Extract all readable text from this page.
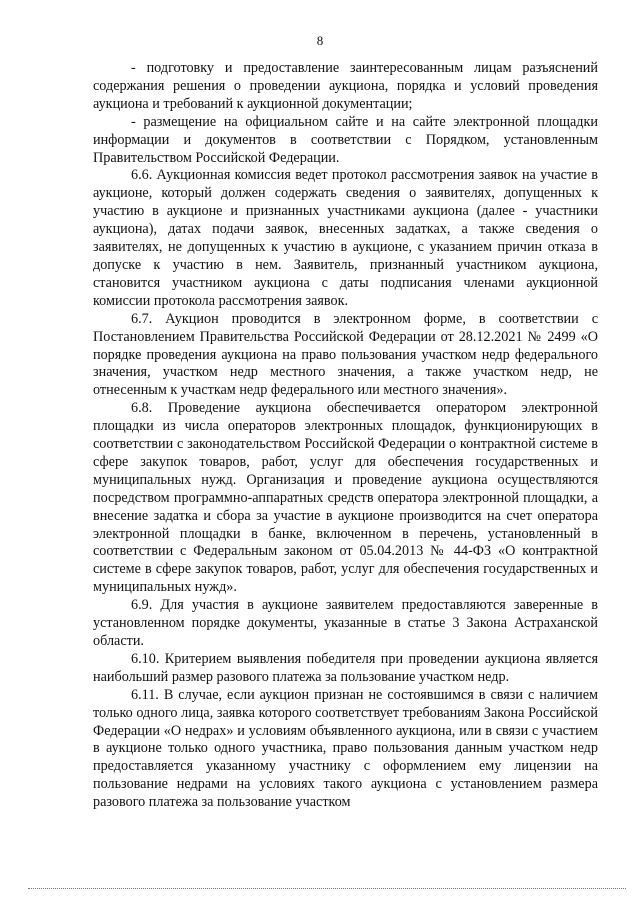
8

- подготовку и предоставление заинтересованным лицам разъяснений содержания решения о проведении аукциона, порядка и условий проведения аукциона и требований к аукционной документации;

- размещение на официальном сайте и на сайте электронной площадки информации и документов в соответствии с Порядком, установленным Правительством Российской Федерации.

6.6. Аукционная комиссия ведет протокол рассмотрения заявок на участие в аукционе, который должен содержать сведения о заявителях, допущенных к участию в аукционе и признанных участниками аукциона (далее - участники аукциона), датах подачи заявок, внесенных задатках, а также сведения о заявителях, не допущенных к участию в аукционе, с указанием причин отказа в допуске к участию в нем. Заявитель, признанный участником аукциона, становится участником аукциона с даты подписания членами аукционной комиссии протокола рассмотрения заявок.

6.7. Аукцион проводится в электронном форме, в соответствии с Постановлением Правительства Российской Федерации от 28.12.2021 № 2499 «О порядке проведения аукциона на право пользования участком недр федерального значения, участком недр местного значения, а также участком недр, не отнесенным к участкам недр федерального или местного значения».

6.8. Проведение аукциона обеспечивается оператором электронной площадки из числа операторов электронных площадок, функционирующих в соответствии с законодательством Российской Федерации о контрактной системе в сфере закупок товаров, работ, услуг для обеспечения государственных и муниципальных нужд. Организация и проведение аукциона осуществляются посредством программно-аппаратных средств оператора электронной площадки, а внесение задатка и сбора за участие в аукционе производится на счет оператора электронной площадки в банке, включенном в перечень, установленный в соответствии с Федеральным законом от 05.04.2013 № 44-ФЗ «О контрактной системе в сфере закупок товаров, работ, услуг для обеспечения государственных и муниципальных нужд».

6.9. Для участия в аукционе заявителем предоставляются заверенные в установленном порядке документы, указанные в статье 3 Закона Астраханской области.

6.10. Критерием выявления победителя при проведении аукциона является наибольший размер разового платежа за пользование участком недр.

6.11. В случае, если аукцион признан не состоявшимся в связи с наличием только одного лица, заявка которого соответствует требованиям Закона Российской Федерации «О недрах» и условиям объявленного аукциона, или в связи с участием в аукционе только одного участника, право пользования данным участком недр предоставляется указанному участнику с оформлением ему лицензии на пользование недрами на условиях такого аукциона с установлением размера разового платежа за пользование участком
